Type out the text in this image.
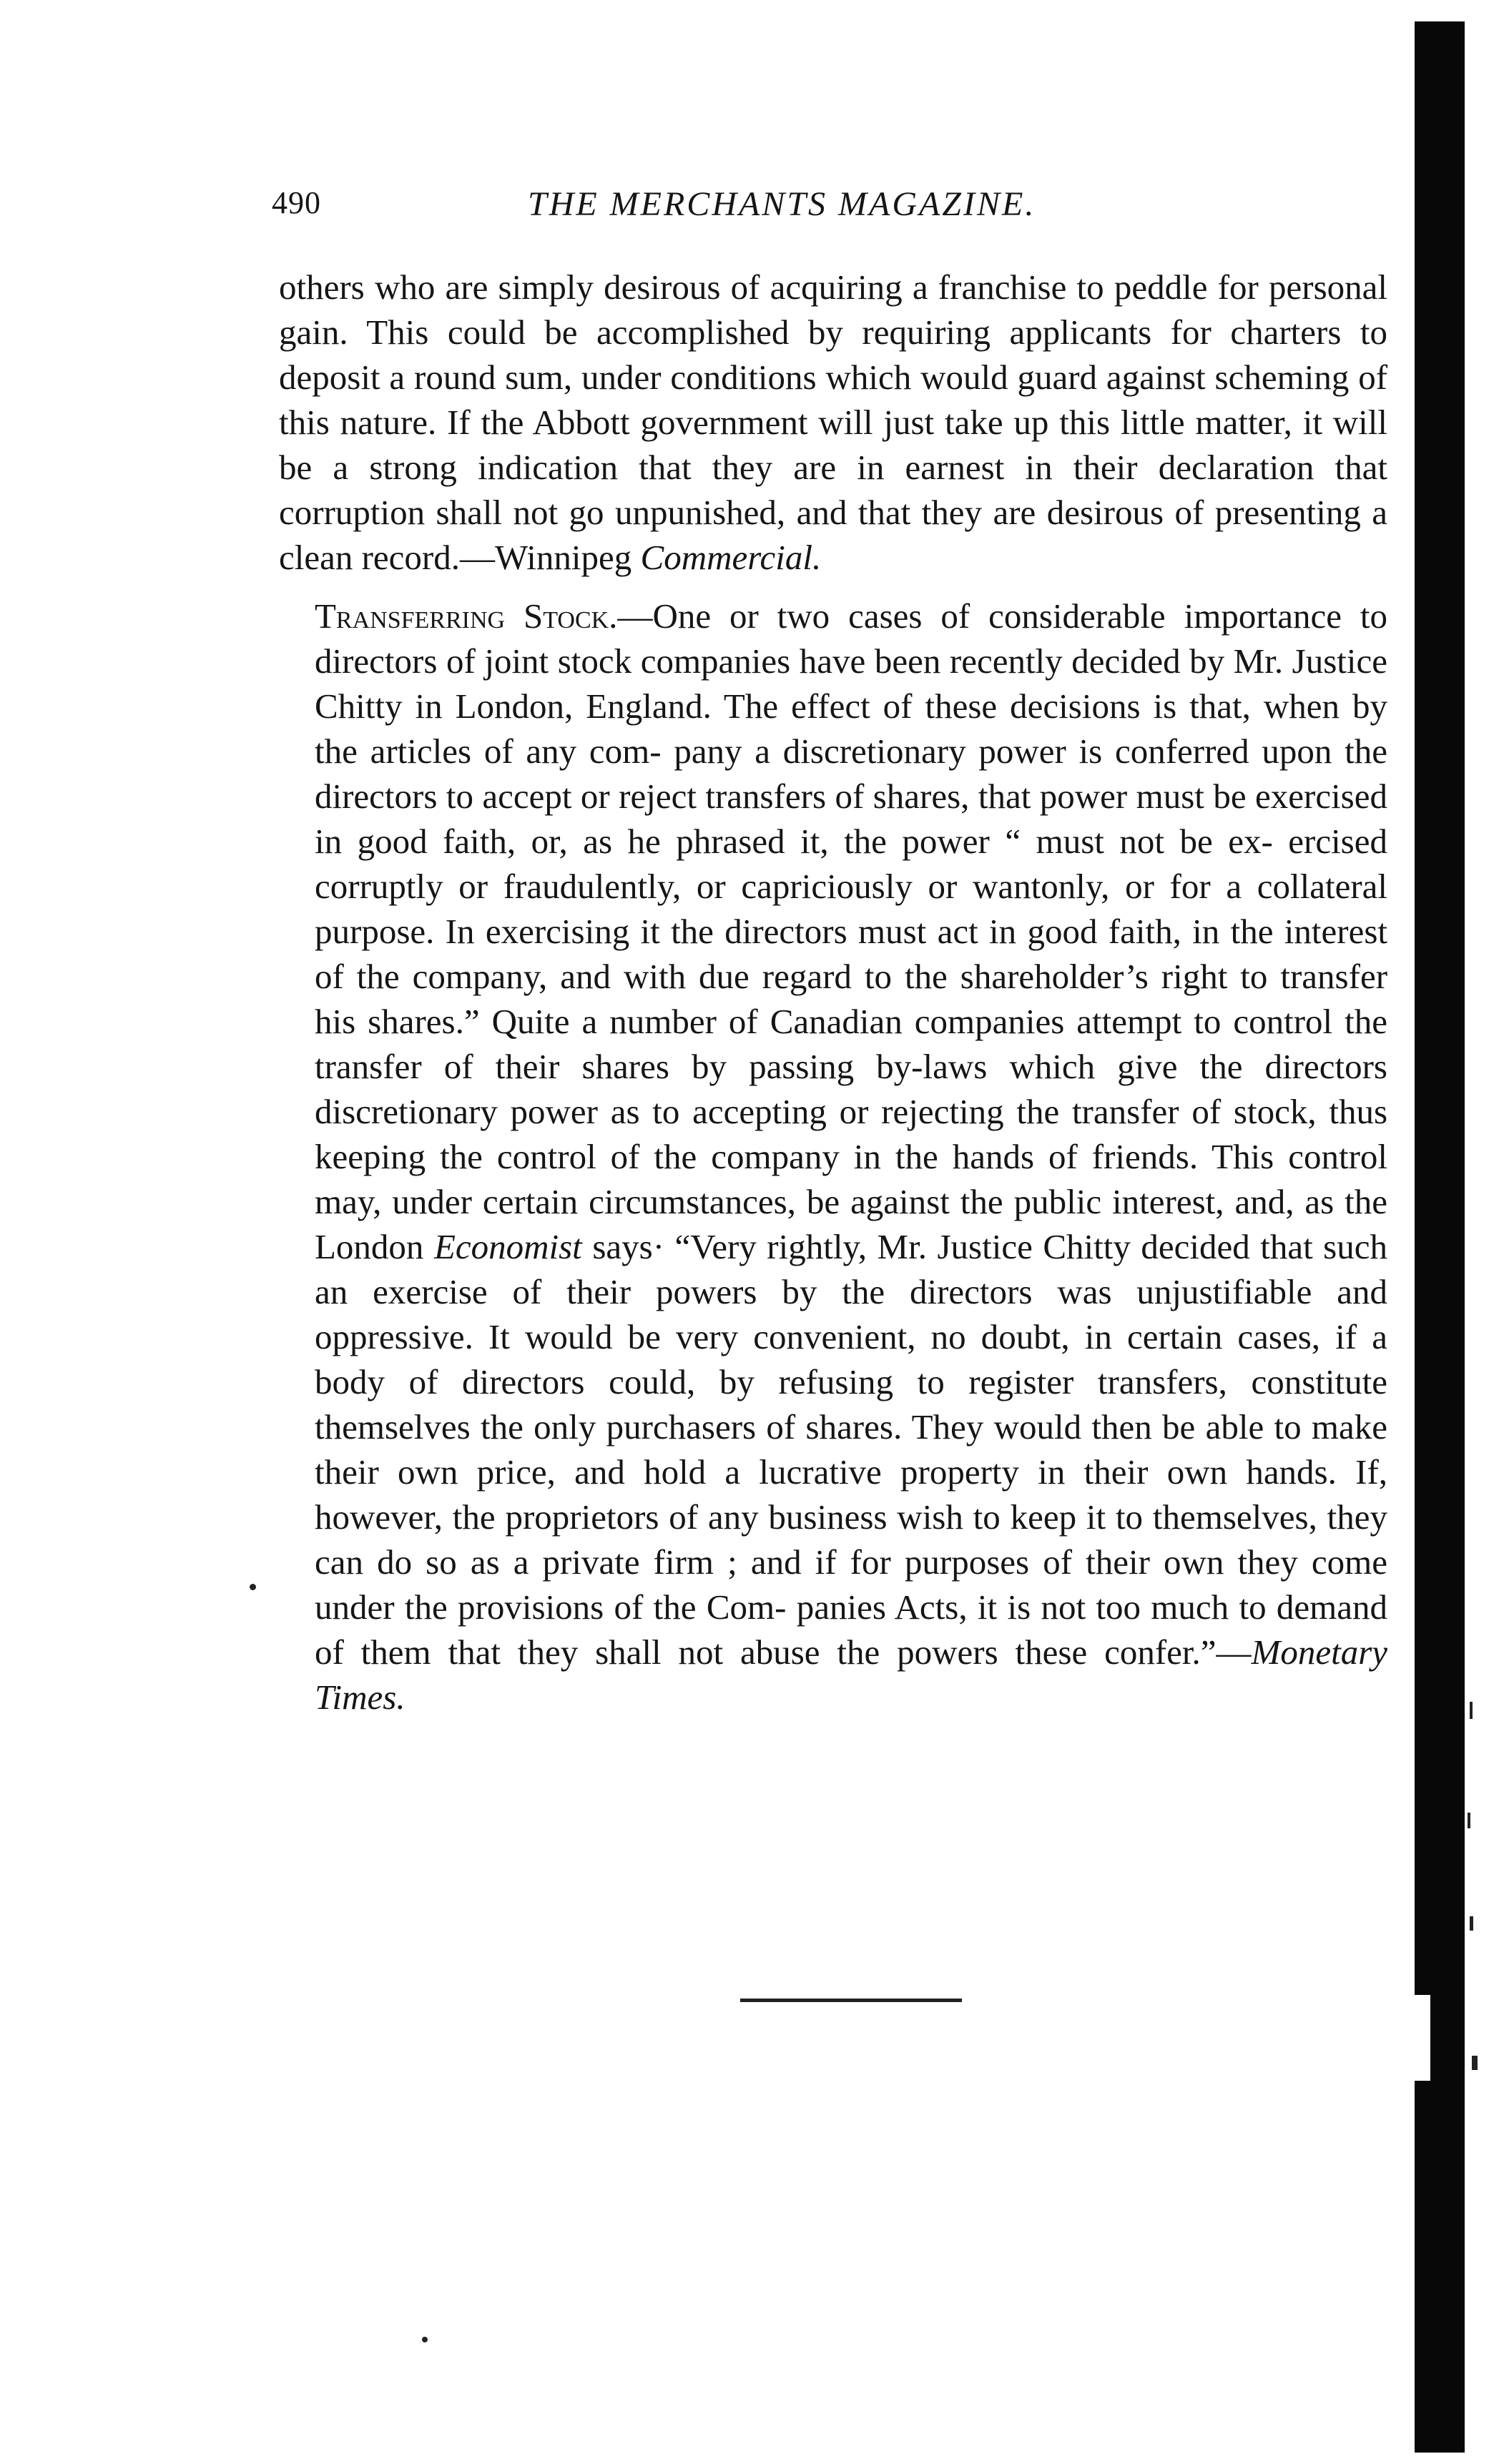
490	THE MERCHANTS MAGAZINE.

others who are simply desirous of acquiring a franchise to peddle for personal gain. This could be accomplished by requiring applicants for charters to deposit a round sum, under conditions which would guard against scheming of this nature. If the Abbott government will just take up this little matter, it will be a strong indication that they are in earnest in their declaration that corruption shall not go unpunished, and that they are desirous of presenting a clean record.—Winnipeg Commercial.

Transferring Stock.—One or two cases of considerable importance to directors of joint stock companies have been recently decided by Mr. Justice Chitty in London, England. The effect of these decisions is that, when by the articles of any com- pany a discretionary power is conferred upon the directors to accept or reject transfers of shares, that power must be exercised in good faith, or, as he phrased it, the power “ must not be ex- ercised corruptly or fraudulently, or capriciously or wantonly, or for a collateral purpose. In exercising it the directors must act in good faith, in the interest of the company, and with due regard to the shareholder’s right to transfer his shares.” Quite a number of Canadian companies attempt to control the transfer of their shares by passing by-laws which give the directors discretionary power as to accepting or rejecting the transfer of stock, thus keeping the control of the company in the hands of friends. This control may, under certain circumstances, be against the public interest, and, as the London Economist says· “Very rightly, Mr. Justice Chitty decided that such an exercise of their powers by the directors was unjustifiable and oppressive. It would be very convenient, no doubt, in certain cases, if a body of directors could, by refusing to register transfers, constitute themselves the only purchasers of shares. They would then be able to make their own price, and hold a lucrative property in their own hands. If, however, the proprietors of any business wish to keep it to themselves, they can do so as a private firm ; and if for purposes of their own they come under the provisions of the Com- panies Acts, it is not too much to demand of them that they shall not abuse the powers these confer.”—Monetary Times.
